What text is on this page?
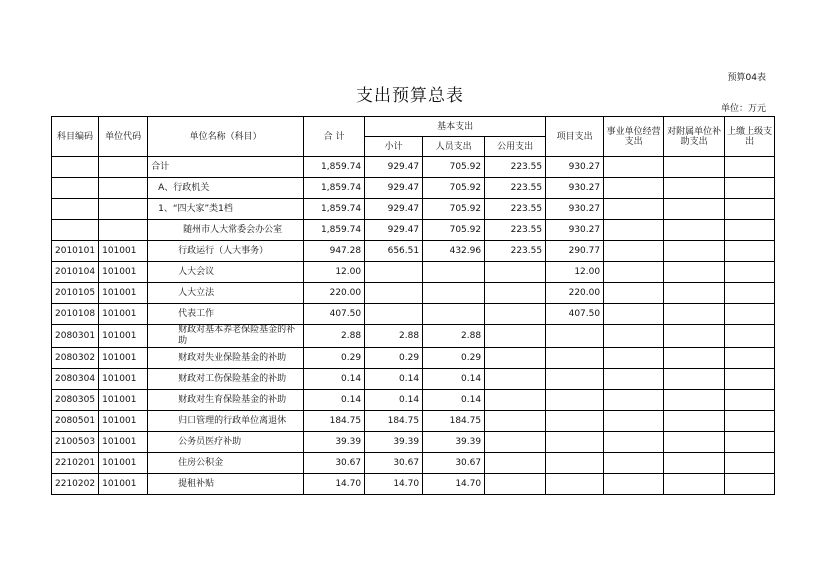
预算04表
支出预算总表
单位：万元
科目编码	单位代码	单位名称（科目）	合 计	基本支出			项目支出	事业单位经营支出	对附属单位补助支出	上缴上级支出
				小计	人员支出	公用支出				
		合计	1,859.74	929.47	705.92	223.55	930.27			
		A、行政机关	1,859.74	929.47	705.92	223.55	930.27			
		1、“四大家”类1档	1,859.74	929.47	705.92	223.55	930.27			
		随州市人大常委会办公室	1,859.74	929.47	705.92	223.55	930.27			
2010101	101001	行政运行（人大事务）	947.28	656.51	432.96	223.55	290.77			
2010104	101001	人大会议	12.00				12.00			
2010105	101001	人大立法	220.00				220.00			
2010108	101001	代表工作	407.50				407.50			
2080301	101001	财政对基本养老保险基金的补助	2.88	2.88	2.88					
2080302	101001	财政对失业保险基金的补助	0.29	0.29	0.29					
2080304	101001	财政对工伤保险基金的补助	0.14	0.14	0.14					
2080305	101001	财政对生育保险基金的补助	0.14	0.14	0.14					
2080501	101001	归口管理的行政单位离退休	184.75	184.75	184.75					
2100503	101001	公务员医疗补助	39.39	39.39	39.39					
2210201	101001	住房公积金	30.67	30.67	30.67					
2210202	101001	提租补贴	14.70	14.70	14.70					
